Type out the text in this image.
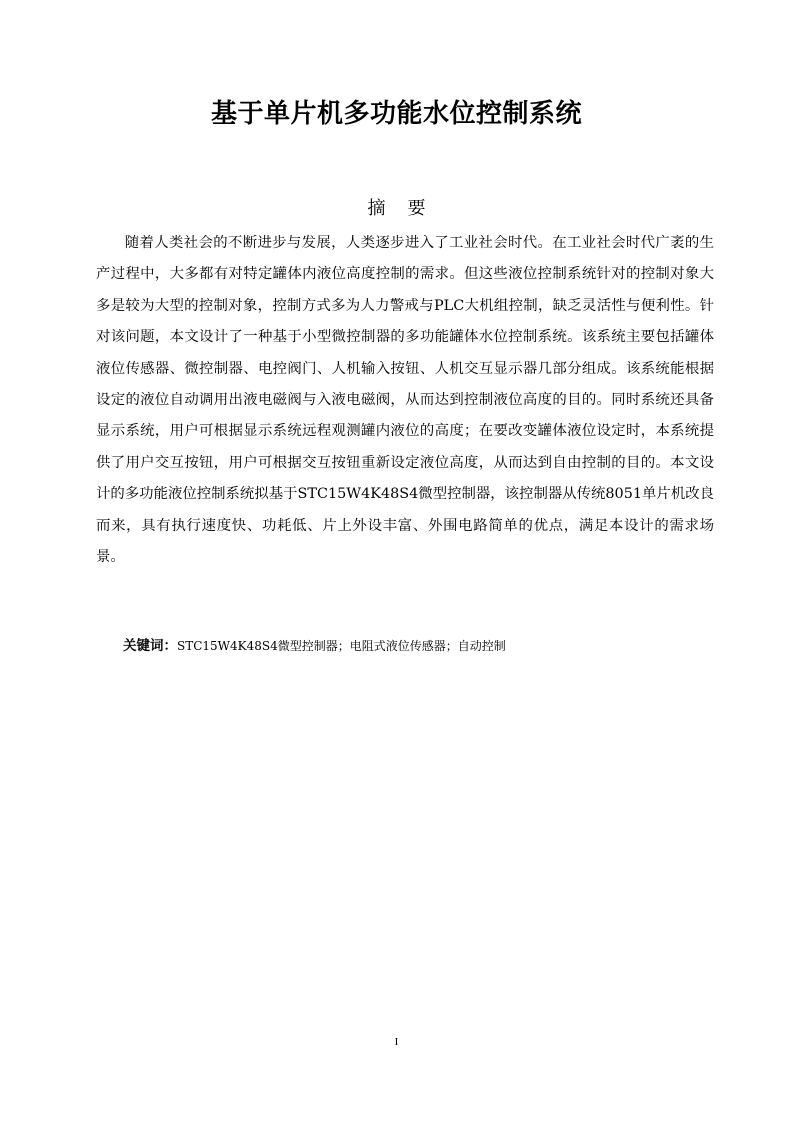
基于单片机多功能水位控制系统
摘 要

随着人类社会的不断进步与发展，人类逐步进入了工业社会时代。在工业社会时代广袤的生产过程中，大多都有对特定罐体内液位高度控制的需求。但这些液位控制系统针对的控制对象大多是较为大型的控制对象，控制方式多为人力警戒与PLC大机组控制，缺乏灵活性与便利性。针对该问题，本文设计了一种基于小型微控制器的多功能罐体水位控制系统。该系统主要包括罐体液位传感器、微控制器、电控阀门、人机输入按钮、人机交互显示器几部分组成。该系统能根据设定的液位自动调用出液电磁阀与入液电磁阀，从而达到控制液位高度的目的。同时系统还具备显示系统，用户可根据显示系统远程观测罐内液位的高度；在要改变罐体液位设定时，本系统提供了用户交互按钮，用户可根据交互按钮重新设定液位高度，从而达到自由控制的目的。本文设计的多功能液位控制系统拟基于STC15W4K48S4微型控制器，该控制器从传统8051单片机改良而来，具有执行速度快、功耗低、片上外设丰富、外围电路简单的优点，满足本设计的需求场景。

关键词：STC15W4K48S4微型控制器；电阻式液位传感器；自动控制
I
